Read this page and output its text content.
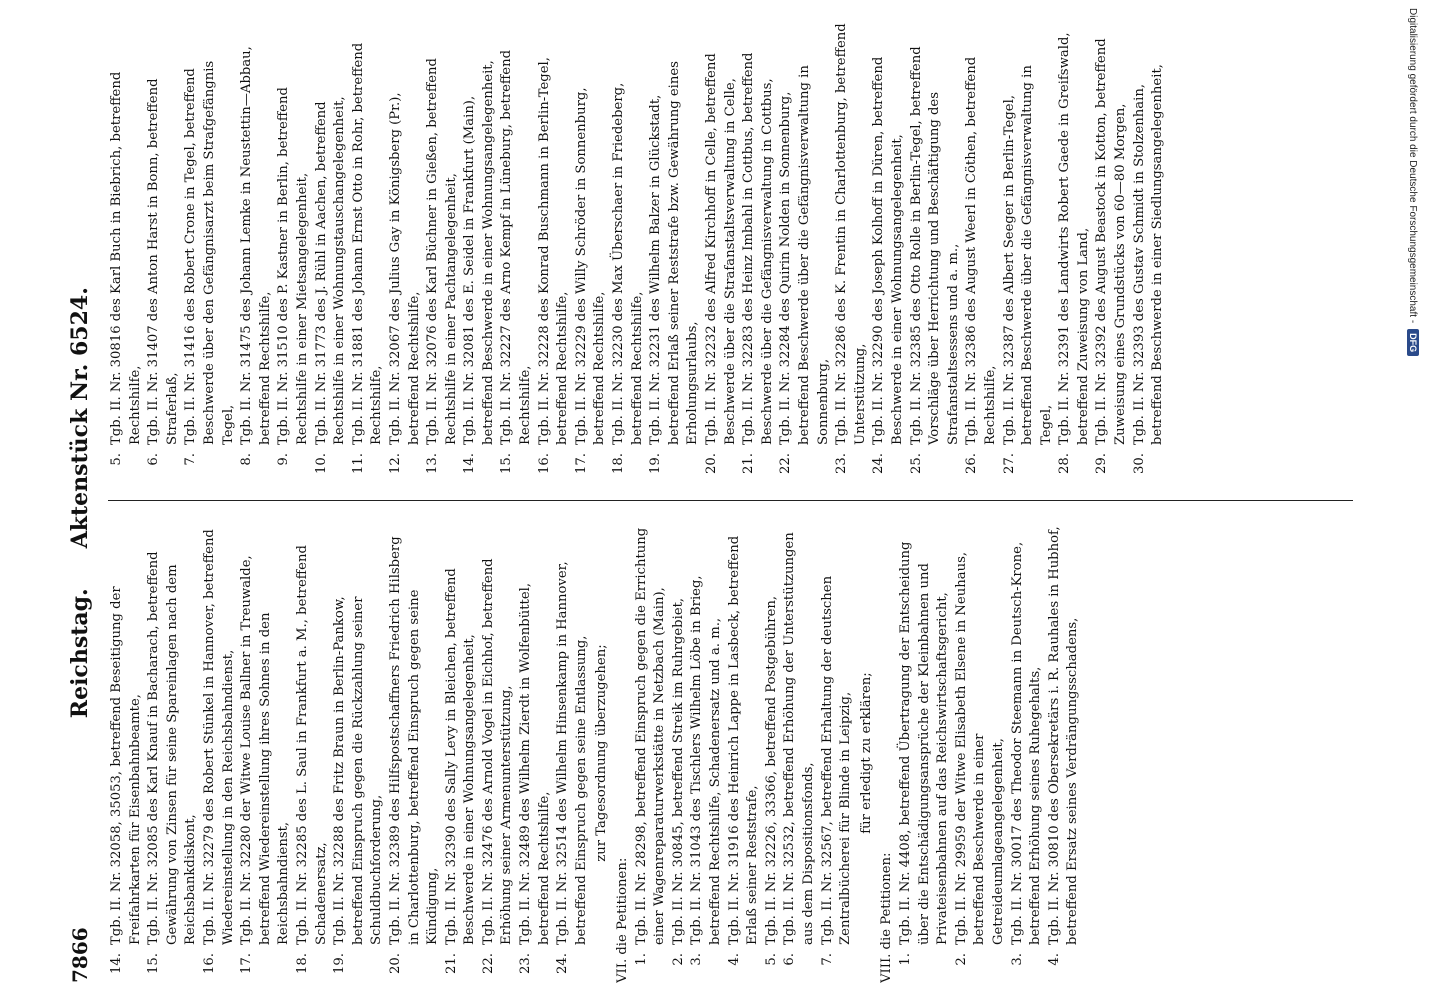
7866
Reichstag.Aktenstück Nr. 6524.
14.
Tgb. II. Nr. 32058, 35053, betreffend Beseitigung der Freifahrkarten für Eisenbahnbeamte,
15.
Tgb. II. Nr. 32085 des Karl Knauf in Bacharach, betreffend Gewährung von Zinsen für seine Spareinlagen nach dem Reichsbankdiskont,
16.
Tgb. II. Nr. 32279 des Robert Stünkel in Hannover, betreffend Wiedereinstellung in den Reichsbahndienst,
17.
Tgb. II. Nr. 32280 der Witwe Louise Ballner in Treuwalde, betreffend Wiedereinstellung ihres Sohnes in den Reichsbahndienst,
18.
Tgb. II. Nr. 32285 des L. Saul in Frankfurt a. M., betreffend Schadenersatz,
19.
Tgb. II. Nr. 32288 des Fritz Braun in Berlin-Pankow, betreffend Einspruch gegen die Rückzahlung seiner Schuldbuchforderung,
20.
Tgb. II. Nr. 32389 des Hilfspostschaffners Friedrich Hilsberg in Charlottenburg, betreffend Einspruch gegen seine Kündigung,
21.
Tgb. II. Nr. 32390 des Sally Levy in Bleichen, betreffend Beschwerde in einer Wohnungsangelegenheit,
22.
Tgb. II. Nr. 32476 des Arnold Vogel in Eichhof, betreffend Erhöhung seiner Armenunterstützung,
23.
Tgb. II. Nr. 32489 des Wilhelm Zierdt in Wolfenbüttel, betreffend Rechtshilfe,
24.
Tgb. II. Nr. 32514 des Wilhelm Hinsenkamp in Hannover, betreffend Einspruch gegen seine Entlassung, zur Tagesordnung überzugehen;
VII. die Petitionen: 1.
Tgb. II. Nr. 28298, betreffend Einspruch gegen die Errichtung einer Wagenreparaturwerkstätte in Netzbach (Main),
2.
Tgb. II. Nr. 30845, betreffend Streik im Ruhrgebiet,
3.
Tgb. II. Nr. 31043 des Tischlers Wilhelm Löbe in Brieg, betreffend Rechtshilfe, Schadenersatz und a. m.,
4.
Tgb. II. Nr. 31916 des Heinrich Lappe in Lasbeck, betreffend Erlaß seiner Reststrafe,
5.
Tgb. II. Nr. 32226, 33366, betreffend Postgebühren,
6.
Tgb. II. Nr. 32532, betreffend Erhöhung der Unterstützungen aus dem Dispositionsfonds,
7.
Tgb. II. Nr. 32567, betreffend Erhaltung der deutschen Zentralbücherei für Blinde in Leipzig, für erledigt zu erklären;
VIII. die Petitionen: 1.
Tgb. II. Nr. 4408, betreffend Übertragung der Entscheidung über die Entschädigungsansprüche der Kleinbahnen und Privateisenbahnen auf das Reichswirtschaftsgericht,
2.
Tgb. II. Nr. 29959 der Witwe Elisabeth Elsene in Neuhaus, betreffend Beschwerde in einer Getreideumlageangelegenheit,
3.
Tgb. II. Nr. 30017 des Theodor Steemann in Deutsch-Krone, betreffend Erhöhung seines Ruhegehalts,
4.
Tgb. II. Nr. 30810 des Obersekretärs i. R. Rauhales in Hubhof, betreffend Ersatz seines Verdrängungsschadens,
5.
Tgb. II. Nr. 30816 des Karl Buch in Biebrich, betreffend Rechtshilfe,
6.
Tgb. II. Nr. 31407 des Anton Harst in Bonn, betreffend Straferlaß,
7.
Tgb. II. Nr. 31416 des Robert Crone in Tegel, betreffend Beschwerde über den Gefängnisarzt beim Strafgefängnis Tegel,
8.
Tgb. II. Nr. 31475 des Johann Lemke in Neustettin—Abbau, betreffend Rechtshilfe,
9.
Tgb. II. Nr. 31510 des P. Kastner in Berlin, betreffend Rechtshilfe in einer Mietsangelegenheit,
10.
Tgb. II. Nr. 31773 des J. Rühl in Aachen, betreffend Rechtshilfe in einer Wohnungstauschangelegenheit,
11.
Tgb. II. Nr. 31881 des Johann Ernst Otto in Rohr, betreffend Rechtshilfe,
12.
Tgb. II. Nr. 32067 des Julius Gay in Königsberg (Pr.), betreffend Rechtshilfe,
13.
Tgb. II. Nr. 32076 des Karl Büchner in Gießen, betreffend Rechtshilfe in einer Pachtangelegenheit,
14.
Tgb. II. Nr. 32081 des E. Seidel in Frankfurt (Main), betreffend Beschwerde in einer Wohnungsangelegenheit,
15.
Tgb. II. Nr. 32227 des Arno Kempf in Lüneburg, betreffend Rechtshilfe,
16.
Tgb. II. Nr. 32228 des Konrad Buschmann in Berlin-Tegel, betreffend Rechtshilfe,
17.
Tgb. II. Nr. 32229 des Willy Schröder in Sonnenburg, betreffend Rechtshilfe,
18.
Tgb. II. Nr. 32230 des Max Überschaer in Friedeberg, betreffend Rechtshilfe,
19.
Tgb. II. Nr. 32231 des Wilhelm Balzer in Glückstadt, betreffend Erlaß seiner Reststrafe bzw. Gewährung eines Erholungsurlaubs,
20.
Tgb. II. Nr. 32232 des Alfred Kirchhoff in Celle, betreffend Beschwerde über die Strafanstaltsverwaltung in Celle,
21.
Tgb. II. Nr. 32283 des Heinz Imbahl in Cottbus, betreffend Beschwerde über die Gefängnisverwaltung in Cottbus,
22.
Tgb. II. Nr. 32284 des Quirin Nolden in Sonnenburg, betreffend Beschwerde über die Gefängnisverwaltung in Sonnenburg,
23.
Tgb. II. Nr. 32286 des K. Frentin in Charlottenburg, betreffend Unterstützung,
24.
Tgb. II. Nr. 32290 des Joseph Kolhoff in Düren, betreffend Beschwerde in einer Wohnungsangelegenheit,
25.
Tgb. II. Nr. 32385 des Otto Rolle in Berlin-Tegel, betreffend Vorschläge über Herrichtung und Beschäftigung des Strafanstaltsessens und a. m.,
26.
Tgb. II. Nr. 32386 des August Weerl in Cöthen, betreffend Rechtshilfe,
27.
Tgb. II. Nr. 32387 des Albert Seeger in Berlin-Tegel, betreffend Beschwerde über die Gefängnisverwaltung in Tegel,
28.
Tgb. II. Nr. 32391 des Landwirts Robert Gaede in Greifswald, betreffend Zuweisung von Land,
29.
Tgb. II. Nr. 32392 des August Beastock in Kotton, betreffend Zuweisung eines Grundstücks von 60—80 Morgen,
30.
Tgb. II. Nr. 32393 des Gustav Schmidt in Stolzenhain, betreffend Beschwerde in einer Siedlungsangelegenheit,	Digitalisierung gefördert durch die Deutsche Forschungsgemeinschaft -
DFG
